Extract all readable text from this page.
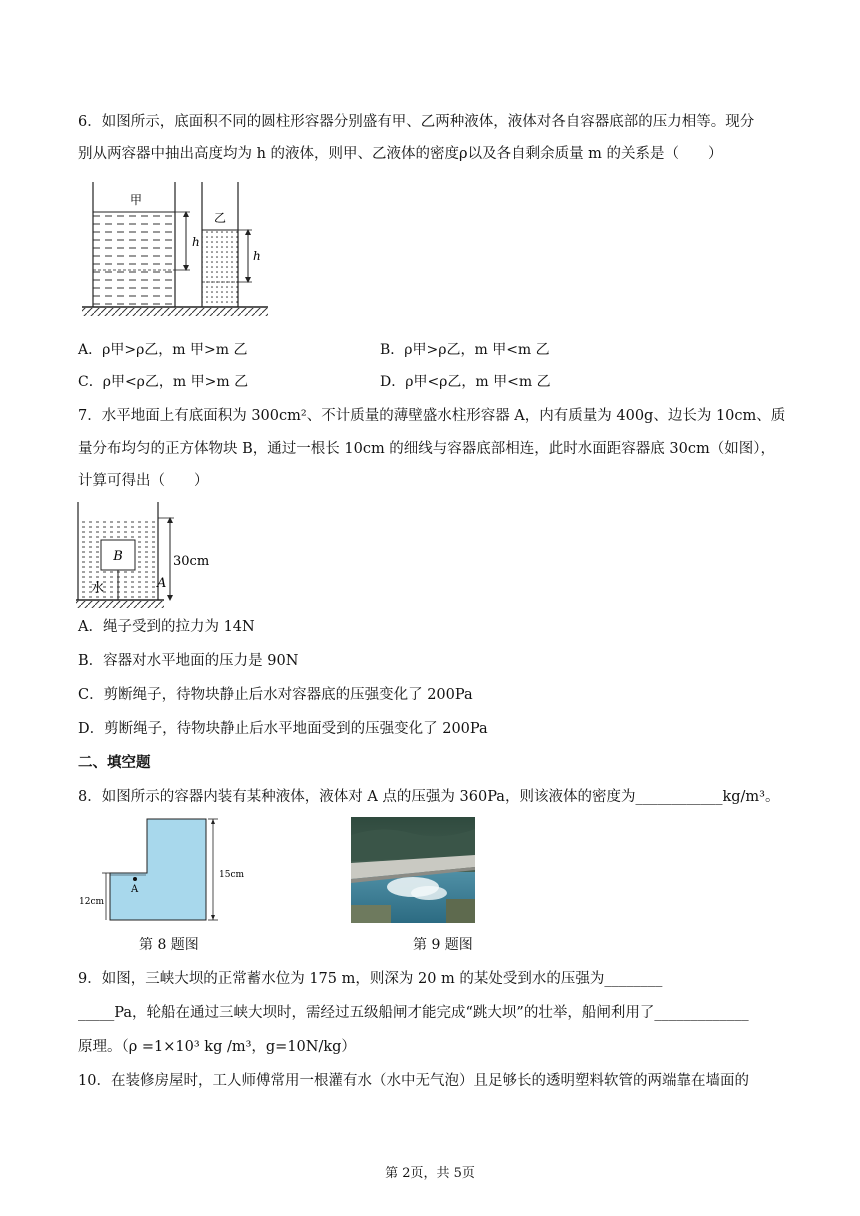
6．如图所示，底面积不同的圆柱形容器分别盛有甲、乙两种液体，液体对各自容器底部的压力相等。现分
别从两容器中抽出高度均为 h 的液体，则甲、乙液体的密度ρ以及各自剩余质量 m 的关系是（　　）
甲
h
乙
h
A．ρ甲>ρ乙，m 甲>m 乙	B．ρ甲>ρ乙，m 甲<m 乙
C．ρ甲<ρ乙，m 甲>m 乙	D．ρ甲<ρ乙，m 甲<m 乙
7．水平地面上有底面积为 300cm²、不计质量的薄壁盛水柱形容器 A，内有质量为 400g、边长为 10cm、质
量分布均匀的正方体物块 B，通过一根长 10cm 的细线与容器底部相连，此时水面距容器底 30cm（如图），
计算可得出（　　）
B
水	A
30cm
A．绳子受到的拉力为 14N
B．容器对水平地面的压力是 90N
C．剪断绳子，待物块静止后水对容器底的压强变化了 200Pa
D．剪断绳子，待物块静止后水平地面受到的压强变化了 200Pa
二、填空题
8．如图所示的容器内装有某种液体，液体对 A 点的压强为 360Pa，则该液体的密度为____________kg/m³。
A
12cm
15cm
第 8 题图	第 9 题图
9．如图，三峡大坝的正常蓄水位为 175 m，则深为 20 m 的某处受到水的压强为________
_____Pa，轮船在通过三峡大坝时，需经过五级船闸才能完成“跳大坝”的壮举，船闸利用了_____________
原理。（ρ =1×10³ kg /m³，g=10N/kg）
10．在装修房屋时，工人师傅常用一根灌有水（水中无气泡）且足够长的透明塑料软管的两端靠在墙面的
第 2页，共 5页
